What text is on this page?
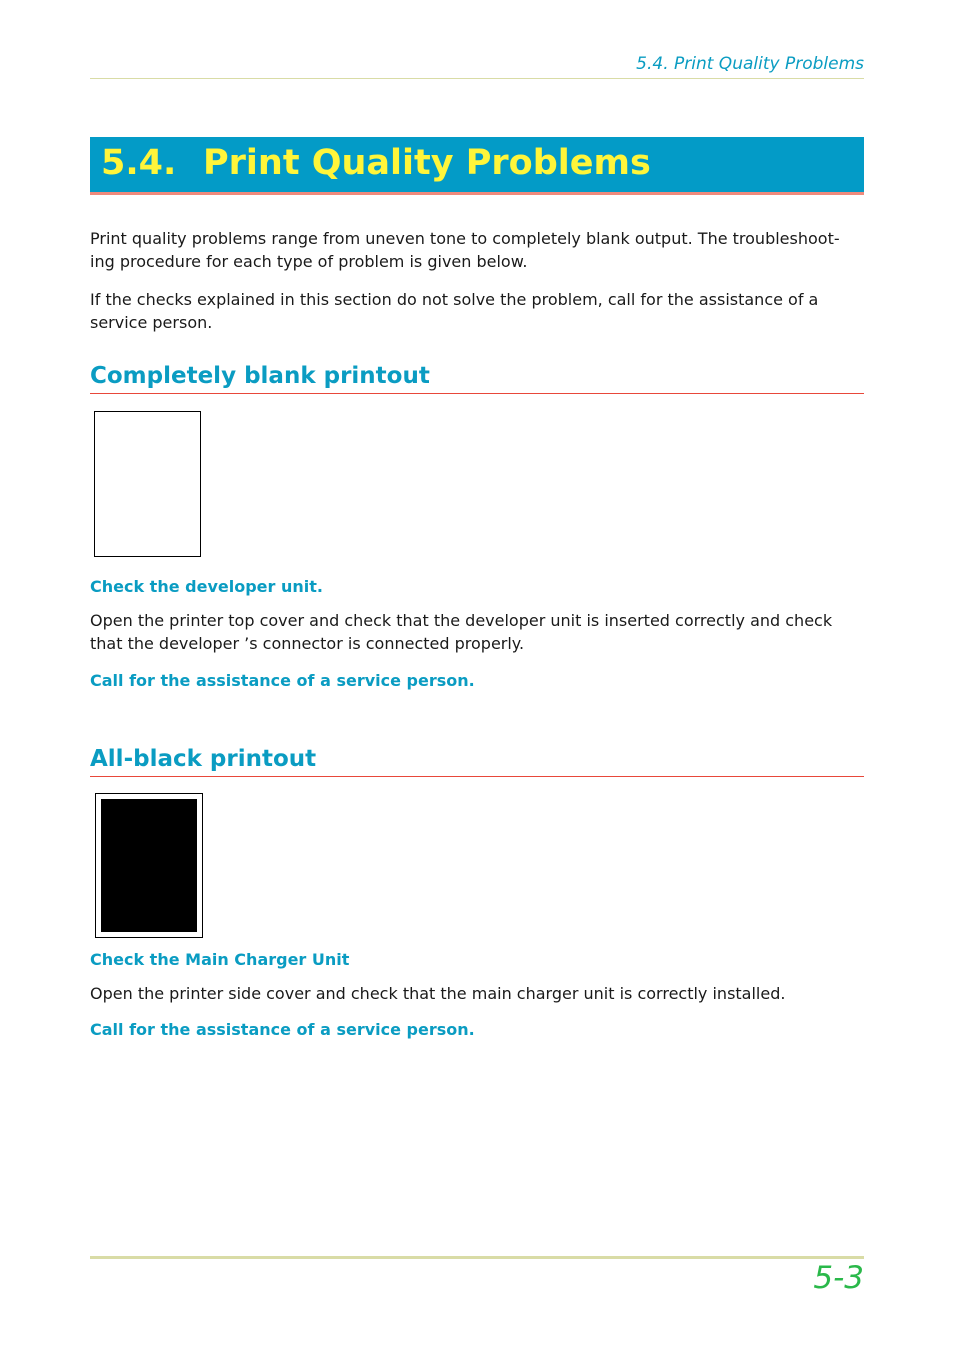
5.4. Print Quality Problems
5.4. Print Quality Problems
Print quality problems range from uneven tone to completely blank output. The troubleshoot- ing procedure for each type of problem is given below.
If the checks explained in this section do not solve the problem, call for the assistance of a service person.
Completely blank printout
Check the developer unit.
Open the printer top cover and check that the developer unit is inserted correctly and check that the developer ’s connector is connected properly.
Call for the assistance of a service person.
All-black printout
Check the Main Charger Unit
Open the printer side cover and check that the main charger unit is correctly installed.
Call for the assistance of a service person.
5-3
